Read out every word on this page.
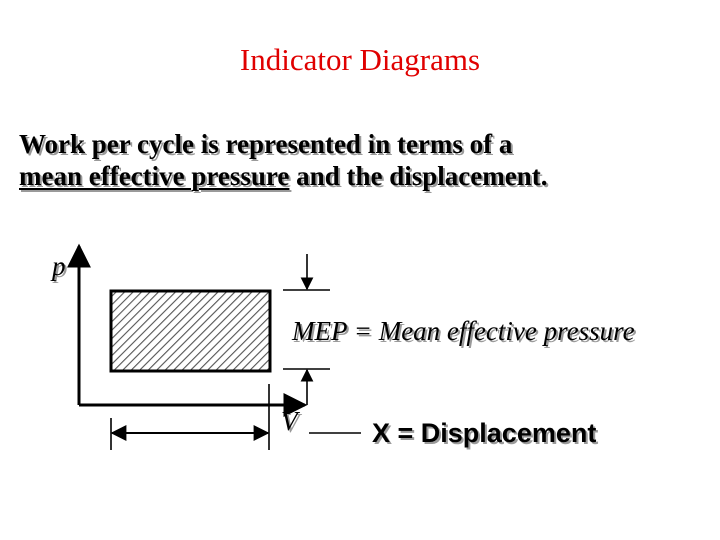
Indicator Diagrams
Work per cycle is represented in terms of a
mean effective pressure and the displacement.
p
MEP = Mean effective pressure
V	X = Displacement
